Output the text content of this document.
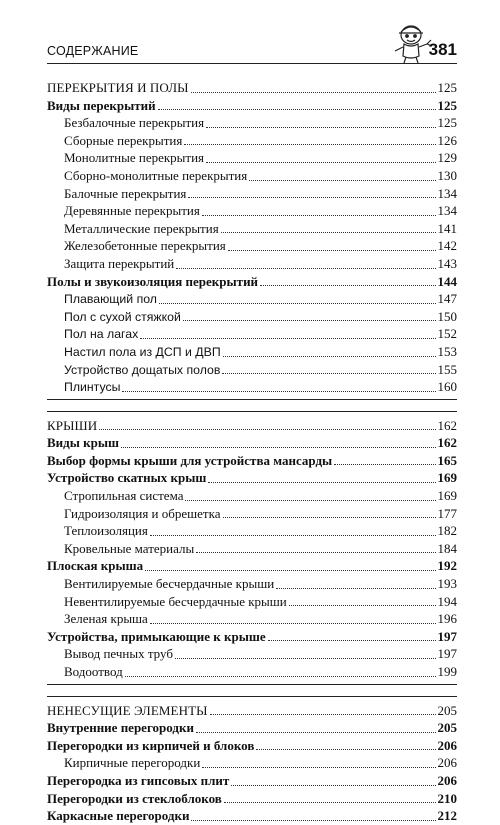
СОДЕРЖАНИЕ	381
ПЕРЕКРЫТИЯ И ПОЛЫ	125
Виды перекрытий	125
Безбалочные перекрытия	125
Сборные перекрытия	126
Монолитные перекрытия	129
Сборно-монолитные перекрытия	130
Балочные перекрытия	134
Деревянные перекрытия	134
Металлические перекрытия	141
Железобетонные перекрытия	142
Защита перекрытий	143
Полы и звукоизоляция перекрытий	144
Плавающий пол	147
Пол с сухой стяжкой	150
Пол на лагах	152
Настил пола из ДСП и ДВП	153
Устройство дощатых полов	155
Плинтусы	160
КРЫШИ	162
Виды крыш	162
Выбор формы крыши для устройства мансарды	165
Устройство скатных крыш	169
Стропильная система	169
Гидроизоляция и обрешетка	177
Теплоизоляция	182
Кровельные материалы	184
Плоская крыша	192
Вентилируемые бесчердачные крыши	193
Невентилируемые бесчердачные крыши	194
Зеленая крыша	196
Устройства, примыкающие к крыше	197
Вывод печных труб	197
Водоотвод	199
НЕНЕСУЩИЕ ЭЛЕМЕНТЫ	205
Внутренние перегородки	205
Перегородки из кирпичей и блоков	206
Кирпичные перегородки	206
Перегородка из гипсовых плит	206
Перегородки из стеклоблоков	210
Каркасные перегородки	212
